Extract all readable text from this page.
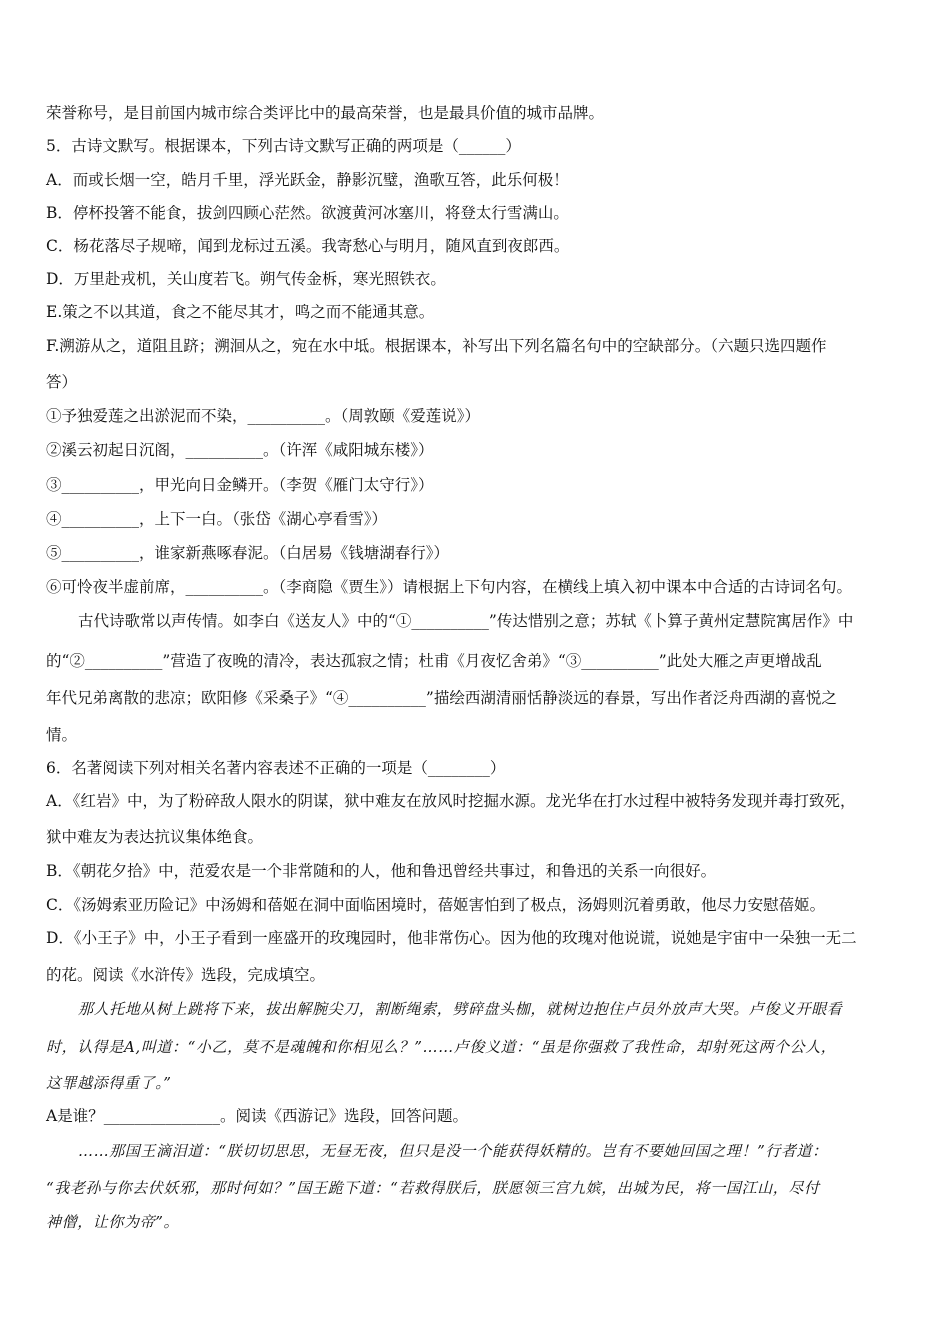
荣誉称号，是目前国内城市综合类评比中的最高荣誉，也是最具价值的城市品牌。
5．古诗文默写。根据课本，下列古诗文默写正确的两项是（______）
A．而或长烟一空，皓月千里，浮光跃金，静影沉璧，渔歌互答，此乐何极！
B．停杯投箸不能食，拔剑四顾心茫然。欲渡黄河冰塞川，将登太行雪满山。
C．杨花落尽子规啼，闻到龙标过五溪。我寄愁心与明月，随风直到夜郎西。
D．万里赴戎机，关山度若飞。朔气传金柝，寒光照铁衣。
E.策之不以其道，食之不能尽其才，鸣之而不能通其意。
F.溯游从之，道阻且跻；溯洄从之，宛在水中坻。根据课本，补写出下列名篇名句中的空缺部分。（六题只选四题作
答）
①予独爱莲之出淤泥而不染，__________。（周敦颐《爱莲说》）
②溪云初起日沉阁，__________。（许浑《咸阳城东楼》）
③__________，甲光向日金鳞开。（李贺《雁门太守行》）
④__________，上下一白。（张岱《湖心亭看雪》）
⑤__________，谁家新燕啄春泥。（白居易《钱塘湖春行》）
⑥可怜夜半虚前席，__________。（李商隐《贾生》）请根据上下句内容，在横线上填入初中课本中合适的古诗词名句。
古代诗歌常以声传情。如李白《送友人》中的“①__________”传达惜别之意；苏轼《卜算子黄州定慧院寓居作》中
的“②__________”营造了夜晚的清冷，表达孤寂之情；杜甫《月夜忆舍弟》“③__________”此处大雁之声更增战乱
年代兄弟离散的悲凉；欧阳修《采桑子》“④__________”描绘西湖清丽恬静淡远的春景，写出作者泛舟西湖的喜悦之
情。
6．名著阅读下列对相关名著内容表述不正确的一项是（________）
A．《红岩》中，为了粉碎敌人限水的阴谋，狱中难友在放风时挖掘水源。龙光华在打水过程中被特务发现并毒打致死，
狱中难友为表达抗议集体绝食。
B．《朝花夕拾》中，范爱农是一个非常随和的人，他和鲁迅曾经共事过，和鲁迅的关系一向很好。
C．《汤姆索亚历险记》中汤姆和蓓姬在洞中面临困境时，蓓姬害怕到了极点，汤姆则沉着勇敢，他尽力安慰蓓姬。
D．《小王子》中，小王子看到一座盛开的玫瑰园时，他非常伤心。因为他的玫瑰对他说谎，说她是宇宙中一朵独一无二
的花。阅读《水浒传》选段，完成填空。
那人托地从树上跳将下来，拔出解腕尖刀，割断绳索，劈碎盘头枷，就树边抱住卢员外放声大哭。卢俊义开眼看
时，认得是A,叫道：“小乙，莫不是魂魄和你相见么？”……卢俊义道：“虽是你强救了我性命，却射死这两个公人，
这罪越添得重了。”
A是谁？_______________。阅读《西游记》选段，回答问题。
……那国王滴泪道：“朕切切思思，无昼无夜，但只是没一个能获得妖精的。岂有不要她回国之理！”行者道：
“我老孙与你去伏妖邪，那时何如？”国王跪下道：“若救得朕后，朕愿领三宫九嫔，出城为民，将一国江山，尽付
神僧，让你为帝”。
